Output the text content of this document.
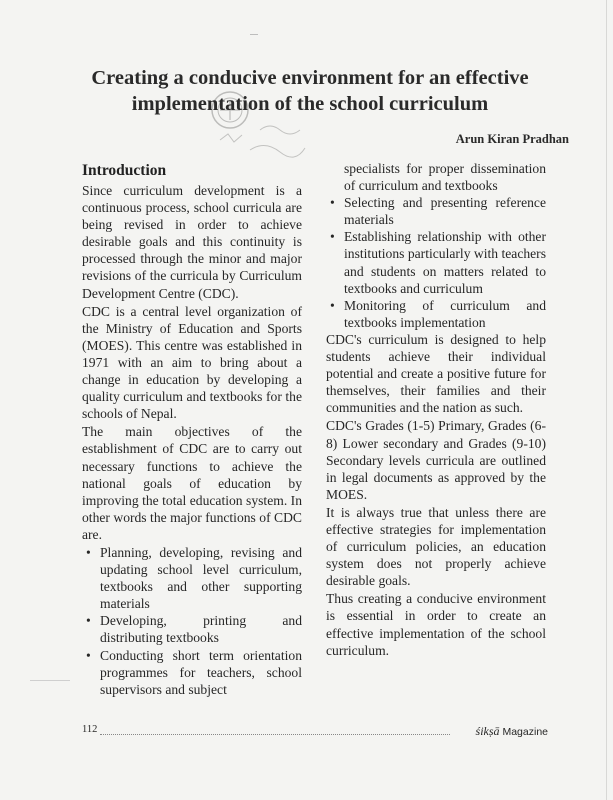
Creating a conducive environment for an effective
implementation of the school curriculum
Arun Kiran Pradhan
Introduction

Since curriculum development is a continuous process, school curricula are being revised in order to achieve desirable goals and this continuity is processed through the minor and major revisions of the curricula by Curriculum Development Centre (CDC).

CDC is a central level organization of the Ministry of Education and Sports (MOES). This centre was established in 1971 with an aim to bring about a change in education by developing a quality curriculum and textbooks for the schools of Nepal.

The main objectives of the establishment of CDC are to carry out necessary functions to achieve the national goals of education by improving the total education system. In other words the major functions of CDC are.

• Planning, developing, revising and updating school level curriculum, textbooks and other supporting materials
• Developing, printing and distributing textbooks
• Conducting short term orientation programmes for teachers, school supervisors and subject
specialists for proper dissemination of curriculum and textbooks
• Selecting and presenting reference materials
• Establishing relationship with other institutions particularly with teachers and students on matters related to textbooks and curriculum
• Monitoring of curriculum and textbooks implementation

CDC's curriculum is designed to help students achieve their individual potential and create a positive future for themselves, their families and their communities and the nation as such.

CDC's Grades (1-5) Primary, Grades (6-8) Lower secondary and Grades (9-10) Secondary levels curricula are outlined in legal documents as approved by the MOES.

It is always true that unless there are effective strategies for implementation of curriculum policies, an education system does not properly achieve desirable goals.

Thus creating a conducive environment is essential in order to create an effective implementation of the school curriculum.

112	śikṣā Magazine
